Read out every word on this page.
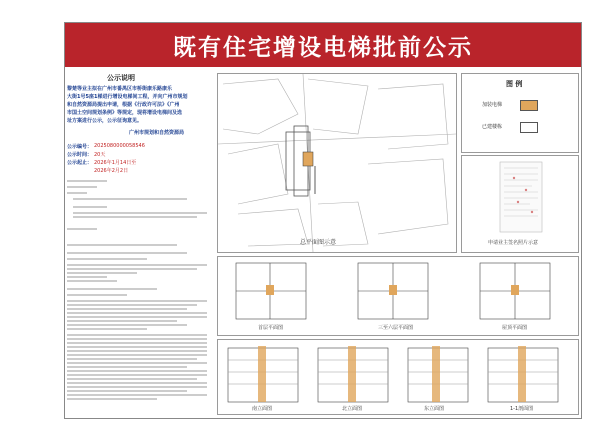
既有住宅增设电梯批前公示
公示说明
黎楚等业主拟在广州市番禺区市桥街康乐路康乐
大街1号5座1梯进行增设电梯间工程，并向广州市规划
和自然资源局提出申请，根据《行政许可法》《广州
市国土空间规划条例》等规定，现将增设电梯间及选
址方案进行公示，公示征询意见。
广州市规划和自然资源局
公示编号： 2025080000058546
公示时间： 20天
公示起止： 2026年1月14日至
2026年2月2日
总平面图示意
图 例
加装电梯
已建楼栋
申请业主签名照片示意
首层平面图	三至六层平面图	屋顶平面图
南立面图	北立面图	东立面图	1-1剖面图
